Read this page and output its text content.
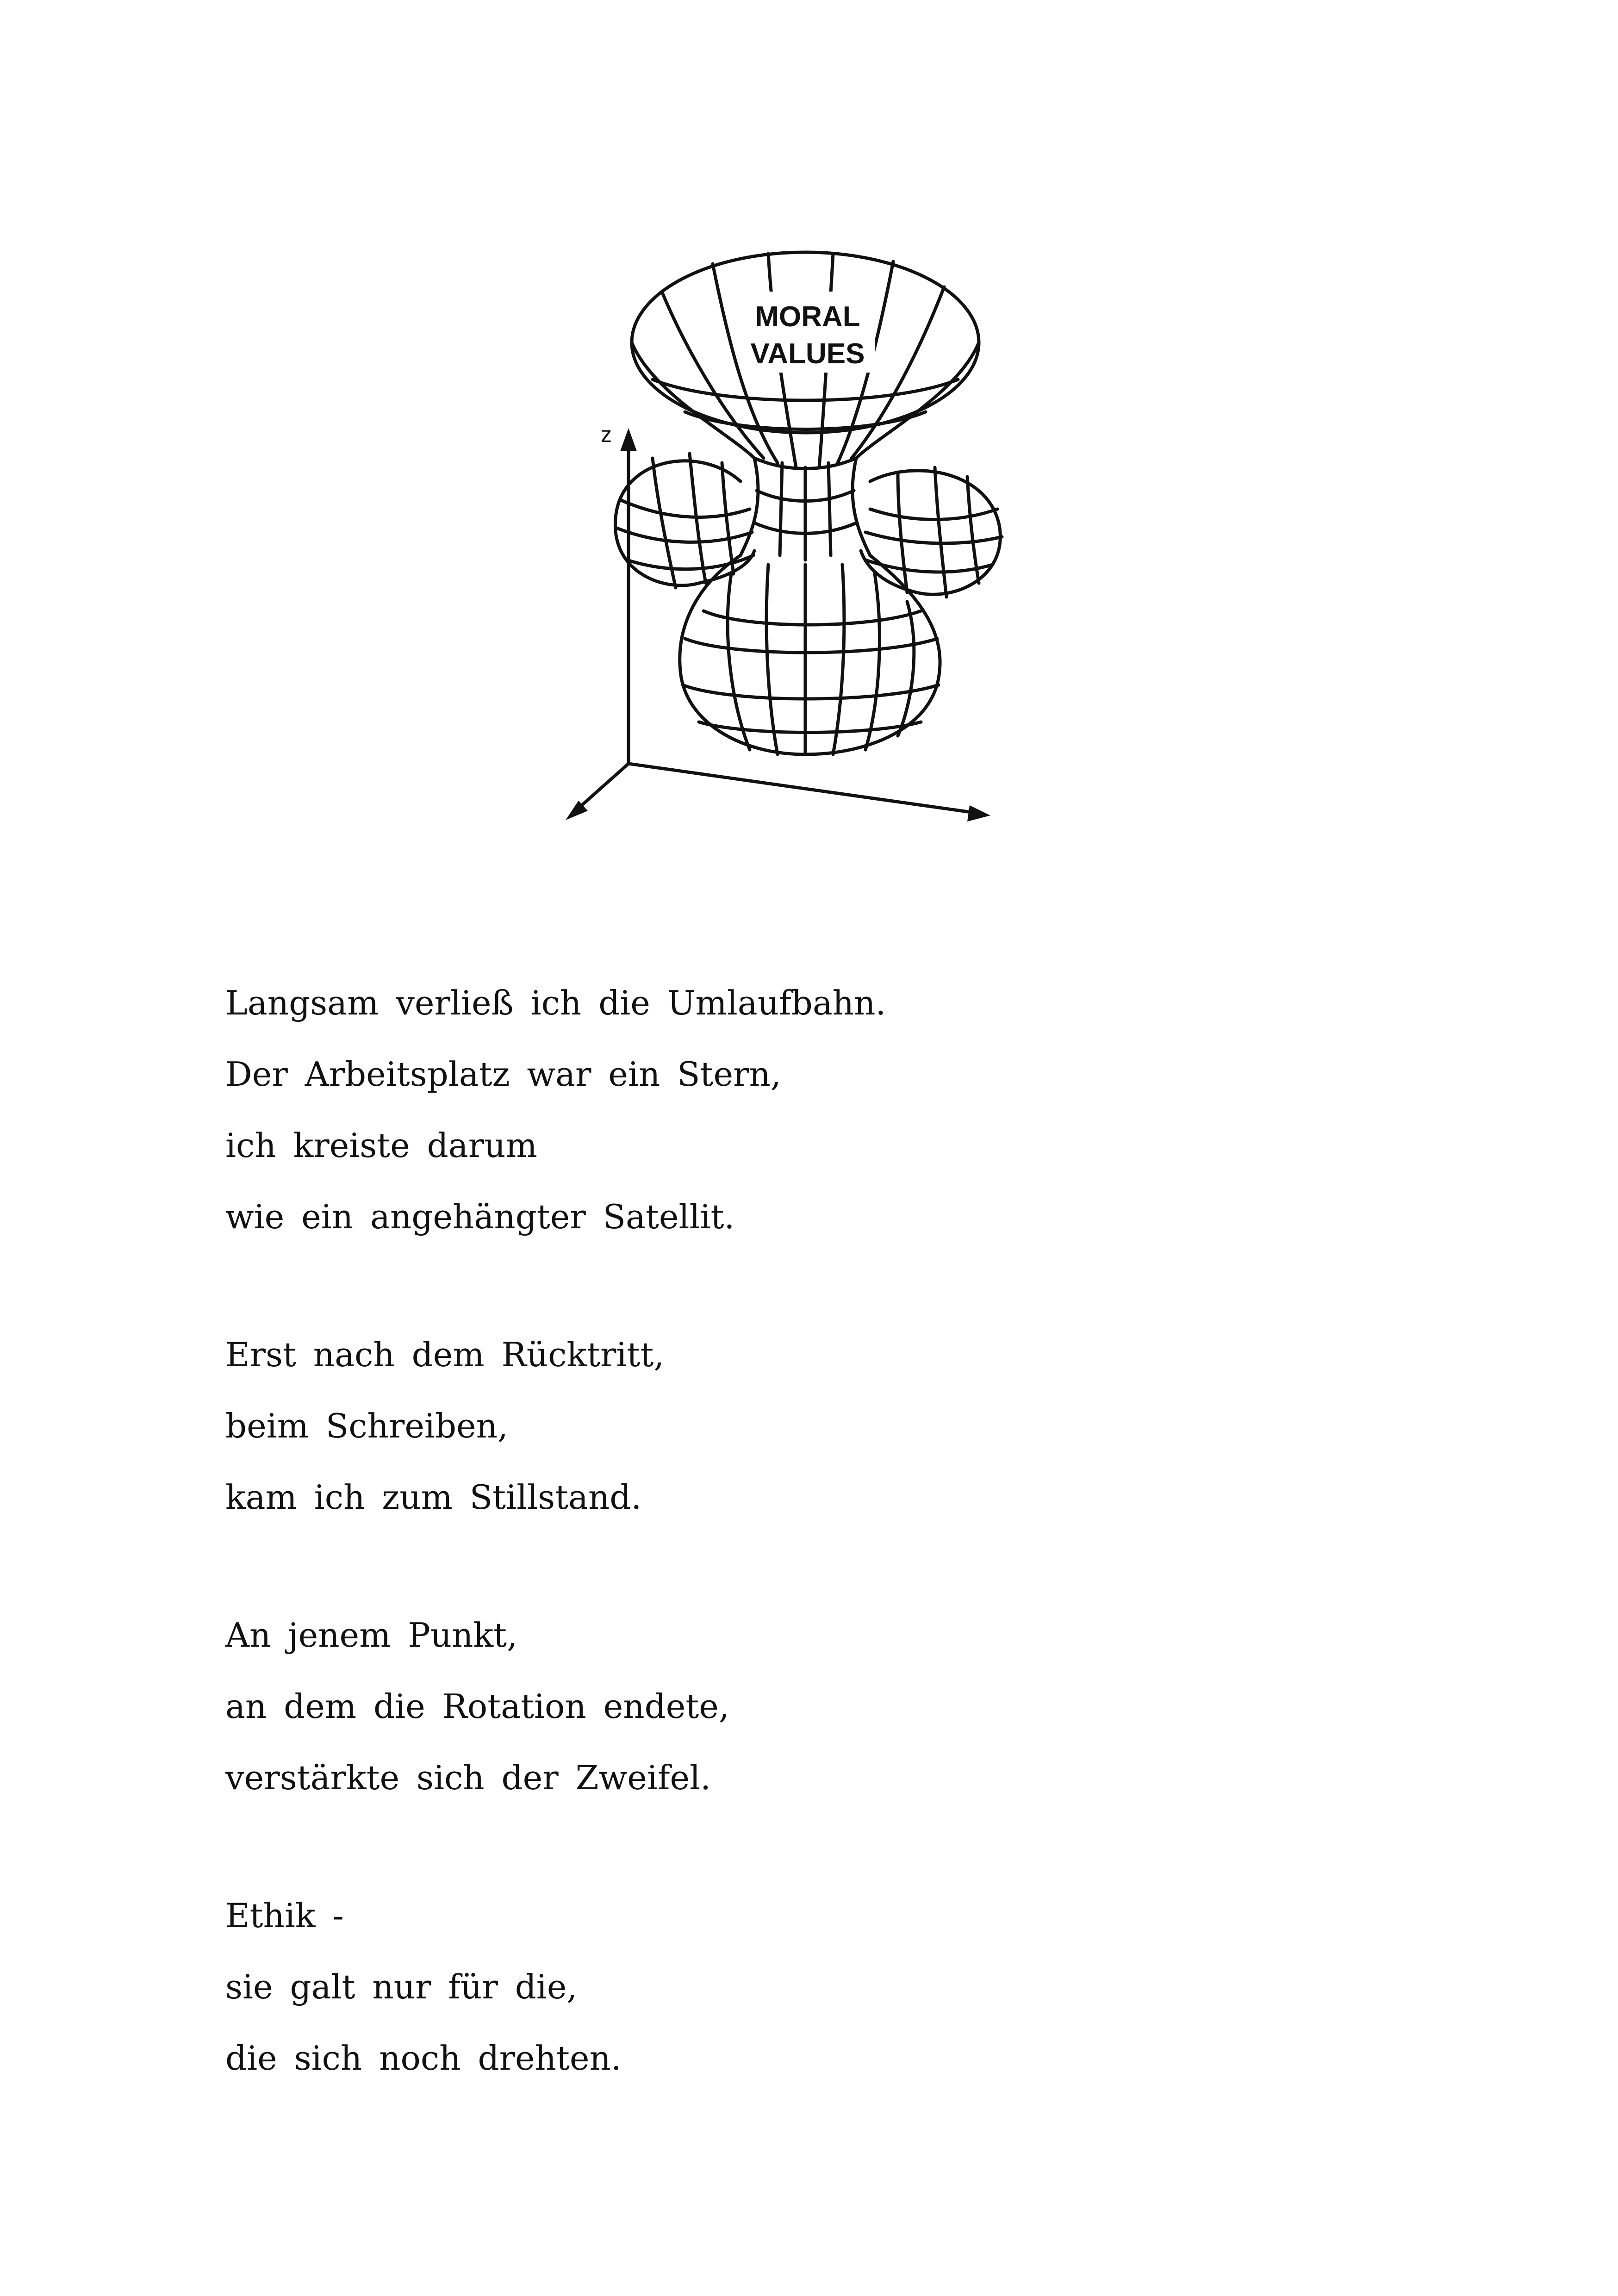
MORAL
VALUES
z
Langsam verließ ich die Umlaufbahn.
Der Arbeitsplatz war ein Stern,
ich kreiste darum
wie ein angehängter Satellit.
Erst nach dem Rücktritt,
beim Schreiben,
kam ich zum Stillstand.
An jenem Punkt,
an dem die Rotation endete,
verstärkte sich der Zweifel.
Ethik -
sie galt nur für die,
die sich noch drehten.
